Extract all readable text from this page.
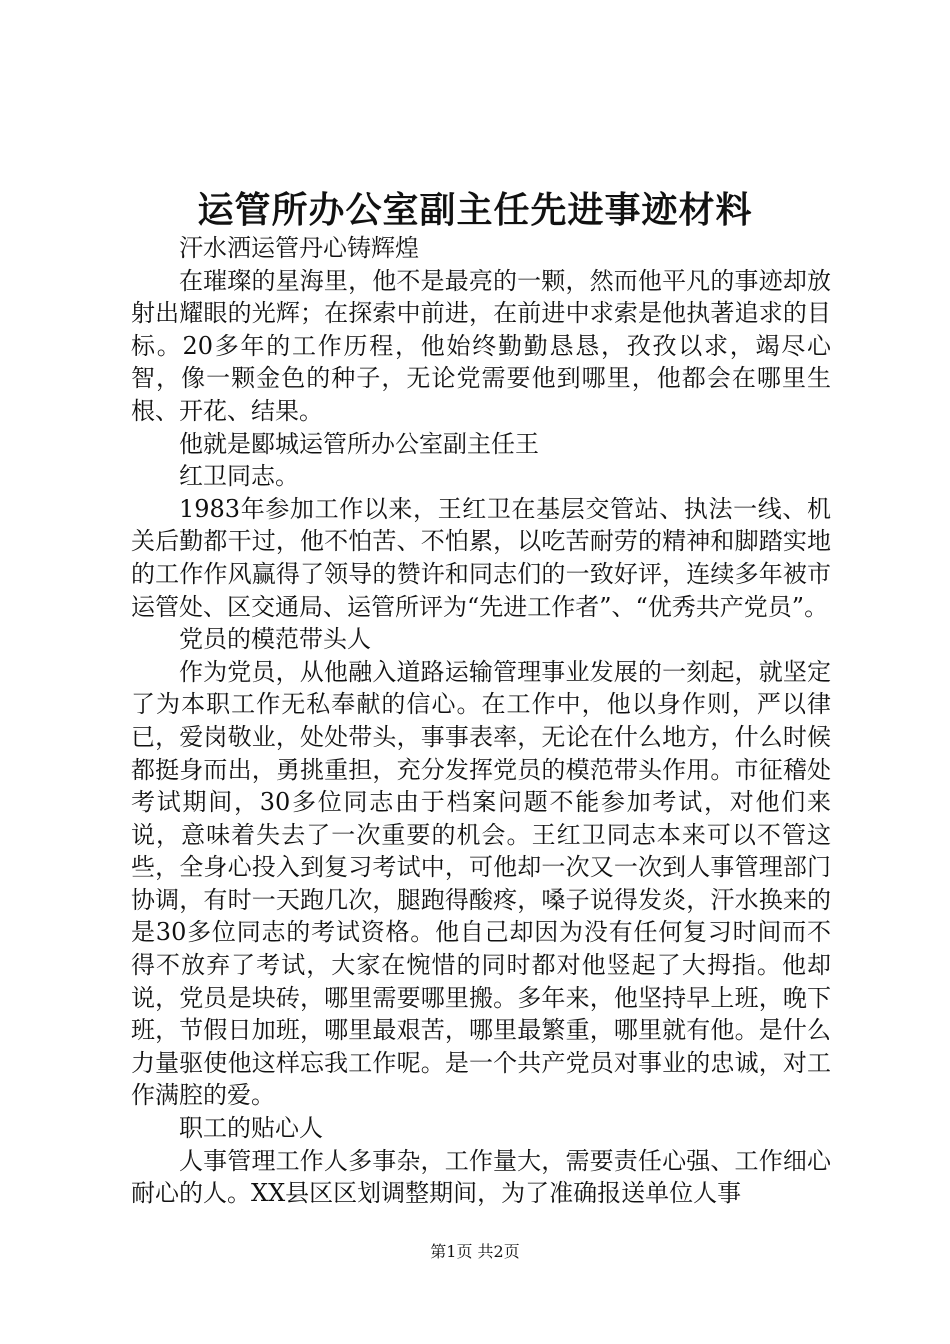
运管所办公室副主任先进事迹材料

汗水洒运管丹心铸辉煌

在璀璨的星海里，他不是最亮的一颗，然而他平凡的事迹却放射出耀眼的光辉；在探索中前进，在前进中求索是他执著追求的目标。20多年的工作历程，他始终勤勤恳恳，孜孜以求，竭尽心智，像一颗金色的种子，无论党需要他到哪里，他都会在哪里生根、开花、结果。

他就是郾城运管所办公室副主任王

红卫同志。

1983年参加工作以来，王红卫在基层交管站、执法一线、机关后勤都干过，他不怕苦、不怕累，以吃苦耐劳的精神和脚踏实地的工作作风赢得了领导的赞许和同志们的一致好评，连续多年被市运管处、区交通局、运管所评为“先进工作者”、“优秀共产党员”。

党员的模范带头人

作为党员，从他融入道路运输管理事业发展的一刻起，就坚定了为本职工作无私奉献的信心。在工作中，他以身作则，严以律已，爱岗敬业，处处带头，事事表率，无论在什么地方，什么时候都挺身而出，勇挑重担，充分发挥党员的模范带头作用。市征稽处考试期间，30多位同志由于档案问题不能参加考试，对他们来说，意味着失去了一次重要的机会。王红卫同志本来可以不管这些，全身心投入到复习考试中，可他却一次又一次到人事管理部门协调，有时一天跑几次，腿跑得酸疼，嗓子说得发炎，汗水换来的是30多位同志的考试资格。他自己却因为没有任何复习时间而不得不放弃了考试，大家在惋惜的同时都对他竖起了大拇指。他却说，党员是块砖，哪里需要哪里搬。多年来，他坚持早上班，晚下班，节假日加班，哪里最艰苦，哪里最繁重，哪里就有他。是什么力量驱使他这样忘我工作呢。是一个共产党员对事业的忠诚，对工作满腔的爱。

职工的贴心人

人事管理工作人多事杂，工作量大，需要责任心强、工作细心耐心的人。XX县区区划调整期间，为了准确报送单位人事

第1页 共2页
